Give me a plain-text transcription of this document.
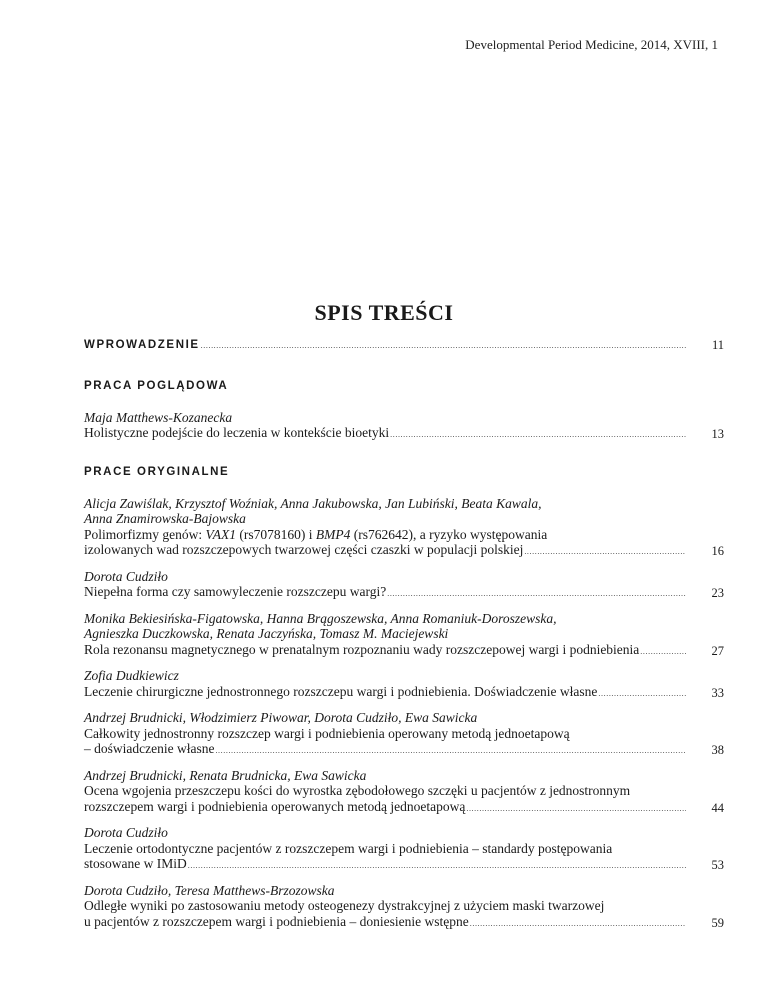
Developmental Period Medicine, 2014, XVIII, 1
SPIS TREŚCI
WPROWADZENIE .....	11
PRACA POGLĄDOWA
Maja Matthews-Kozanecka
Holistyczne podejście do leczenia w kontekście bioetyki .....	13
PRACE ORYGINALNE
Alicja Zawiślak, Krzysztof Woźniak, Anna Jakubowska, Jan Lubiński, Beata Kawala,
Anna Znamirowska-Bajowska
Polimorfizmy genów: VAX1 (rs7078160) i BMP4 (rs762642), a ryzyko występowania
izolowanych wad rozszczepowych twarzowej części czaszki w populacji polskiej .....	16
Dorota Cudziło
Niepełna forma czy samowyleczenie rozszczepu wargi? .....	23
Monika Bekiesińska-Figatowska, Hanna Brągoszewska, Anna Romaniuk-Doroszewska,
Agnieszka Duczkowska, Renata Jaczyńska, Tomasz M. Maciejewski
Rola rezonansu magnetycznego w prenatalnym rozpoznaniu wady rozszczepowej wargi i podniebienia .....	27
Zofia Dudkiewicz
Leczenie chirurgiczne jednostronnego rozszczepu wargi i podniebienia. Doświadczenie własne .....	33
Andrzej Brudnicki, Włodzimierz Piwowar, Dorota Cudziło, Ewa Sawicka
Całkowity jednostronny rozszczep wargi i podniebienia operowany metodą jednoetapową
– doświadczenie własne .....	38
Andrzej Brudnicki, Renata Brudnicka, Ewa Sawicka
Ocena wgojenia przeszczepu kości do wyrostka zębodołowego szczęki u pacjentów z jednostronnym
rozszczepem wargi i podniebienia operowanych metodą jednoetapową .....	44
Dorota Cudziło
Leczenie ortodontyczne pacjentów z rozszczepem wargi i podniebienia – standardy postępowania
stosowane w IMiD .....	53
Dorota Cudziło, Teresa Matthews-Brzozowska
Odległe wyniki po zastosowaniu metody osteogenezy dystrakcyjnej z użyciem maski twarzowej
u pacjentów z rozszczepem wargi i podniebienia – doniesienie wstępne .....	59
